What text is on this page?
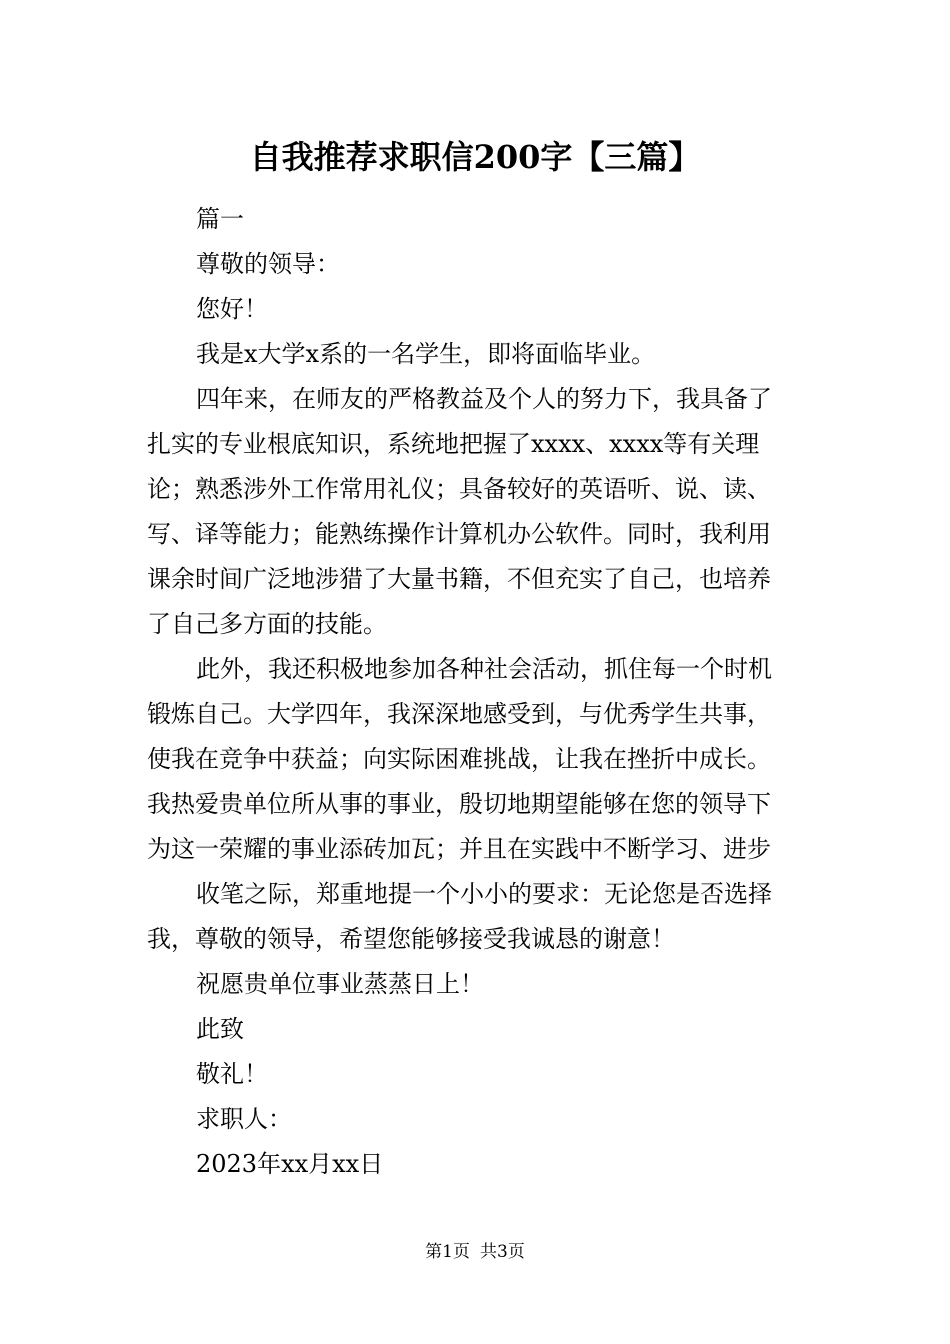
自我推荐求职信200字【三篇】
篇一
尊敬的领导：
您好！
我是x大学x系的一名学生，即将面临毕业。
四年来，在师友的严格教益及个人的努力下，我具备了
扎实的专业根底知识，系统地把握了xxxx、xxxx等有关理
论；熟悉涉外工作常用礼仪；具备较好的英语听、说、读、
写、译等能力；能熟练操作计算机办公软件。同时，我利用
课余时间广泛地涉猎了大量书籍，不但充实了自己，也培养
了自己多方面的技能。
此外，我还积极地参加各种社会活动，抓住每一个时机
锻炼自己。大学四年，我深深地感受到，与优秀学生共事，
使我在竞争中获益；向实际困难挑战，让我在挫折中成长。
我热爱贵单位所从事的事业，殷切地期望能够在您的领导下
为这一荣耀的事业添砖加瓦；并且在实践中不断学习、进步
收笔之际，郑重地提一个小小的要求：无论您是否选择
我，尊敬的领导，希望您能够接受我诚恳的谢意！
祝愿贵单位事业蒸蒸日上！
此致
敬礼！
求职人：
2023年xx月xx日
第1页 共3页
